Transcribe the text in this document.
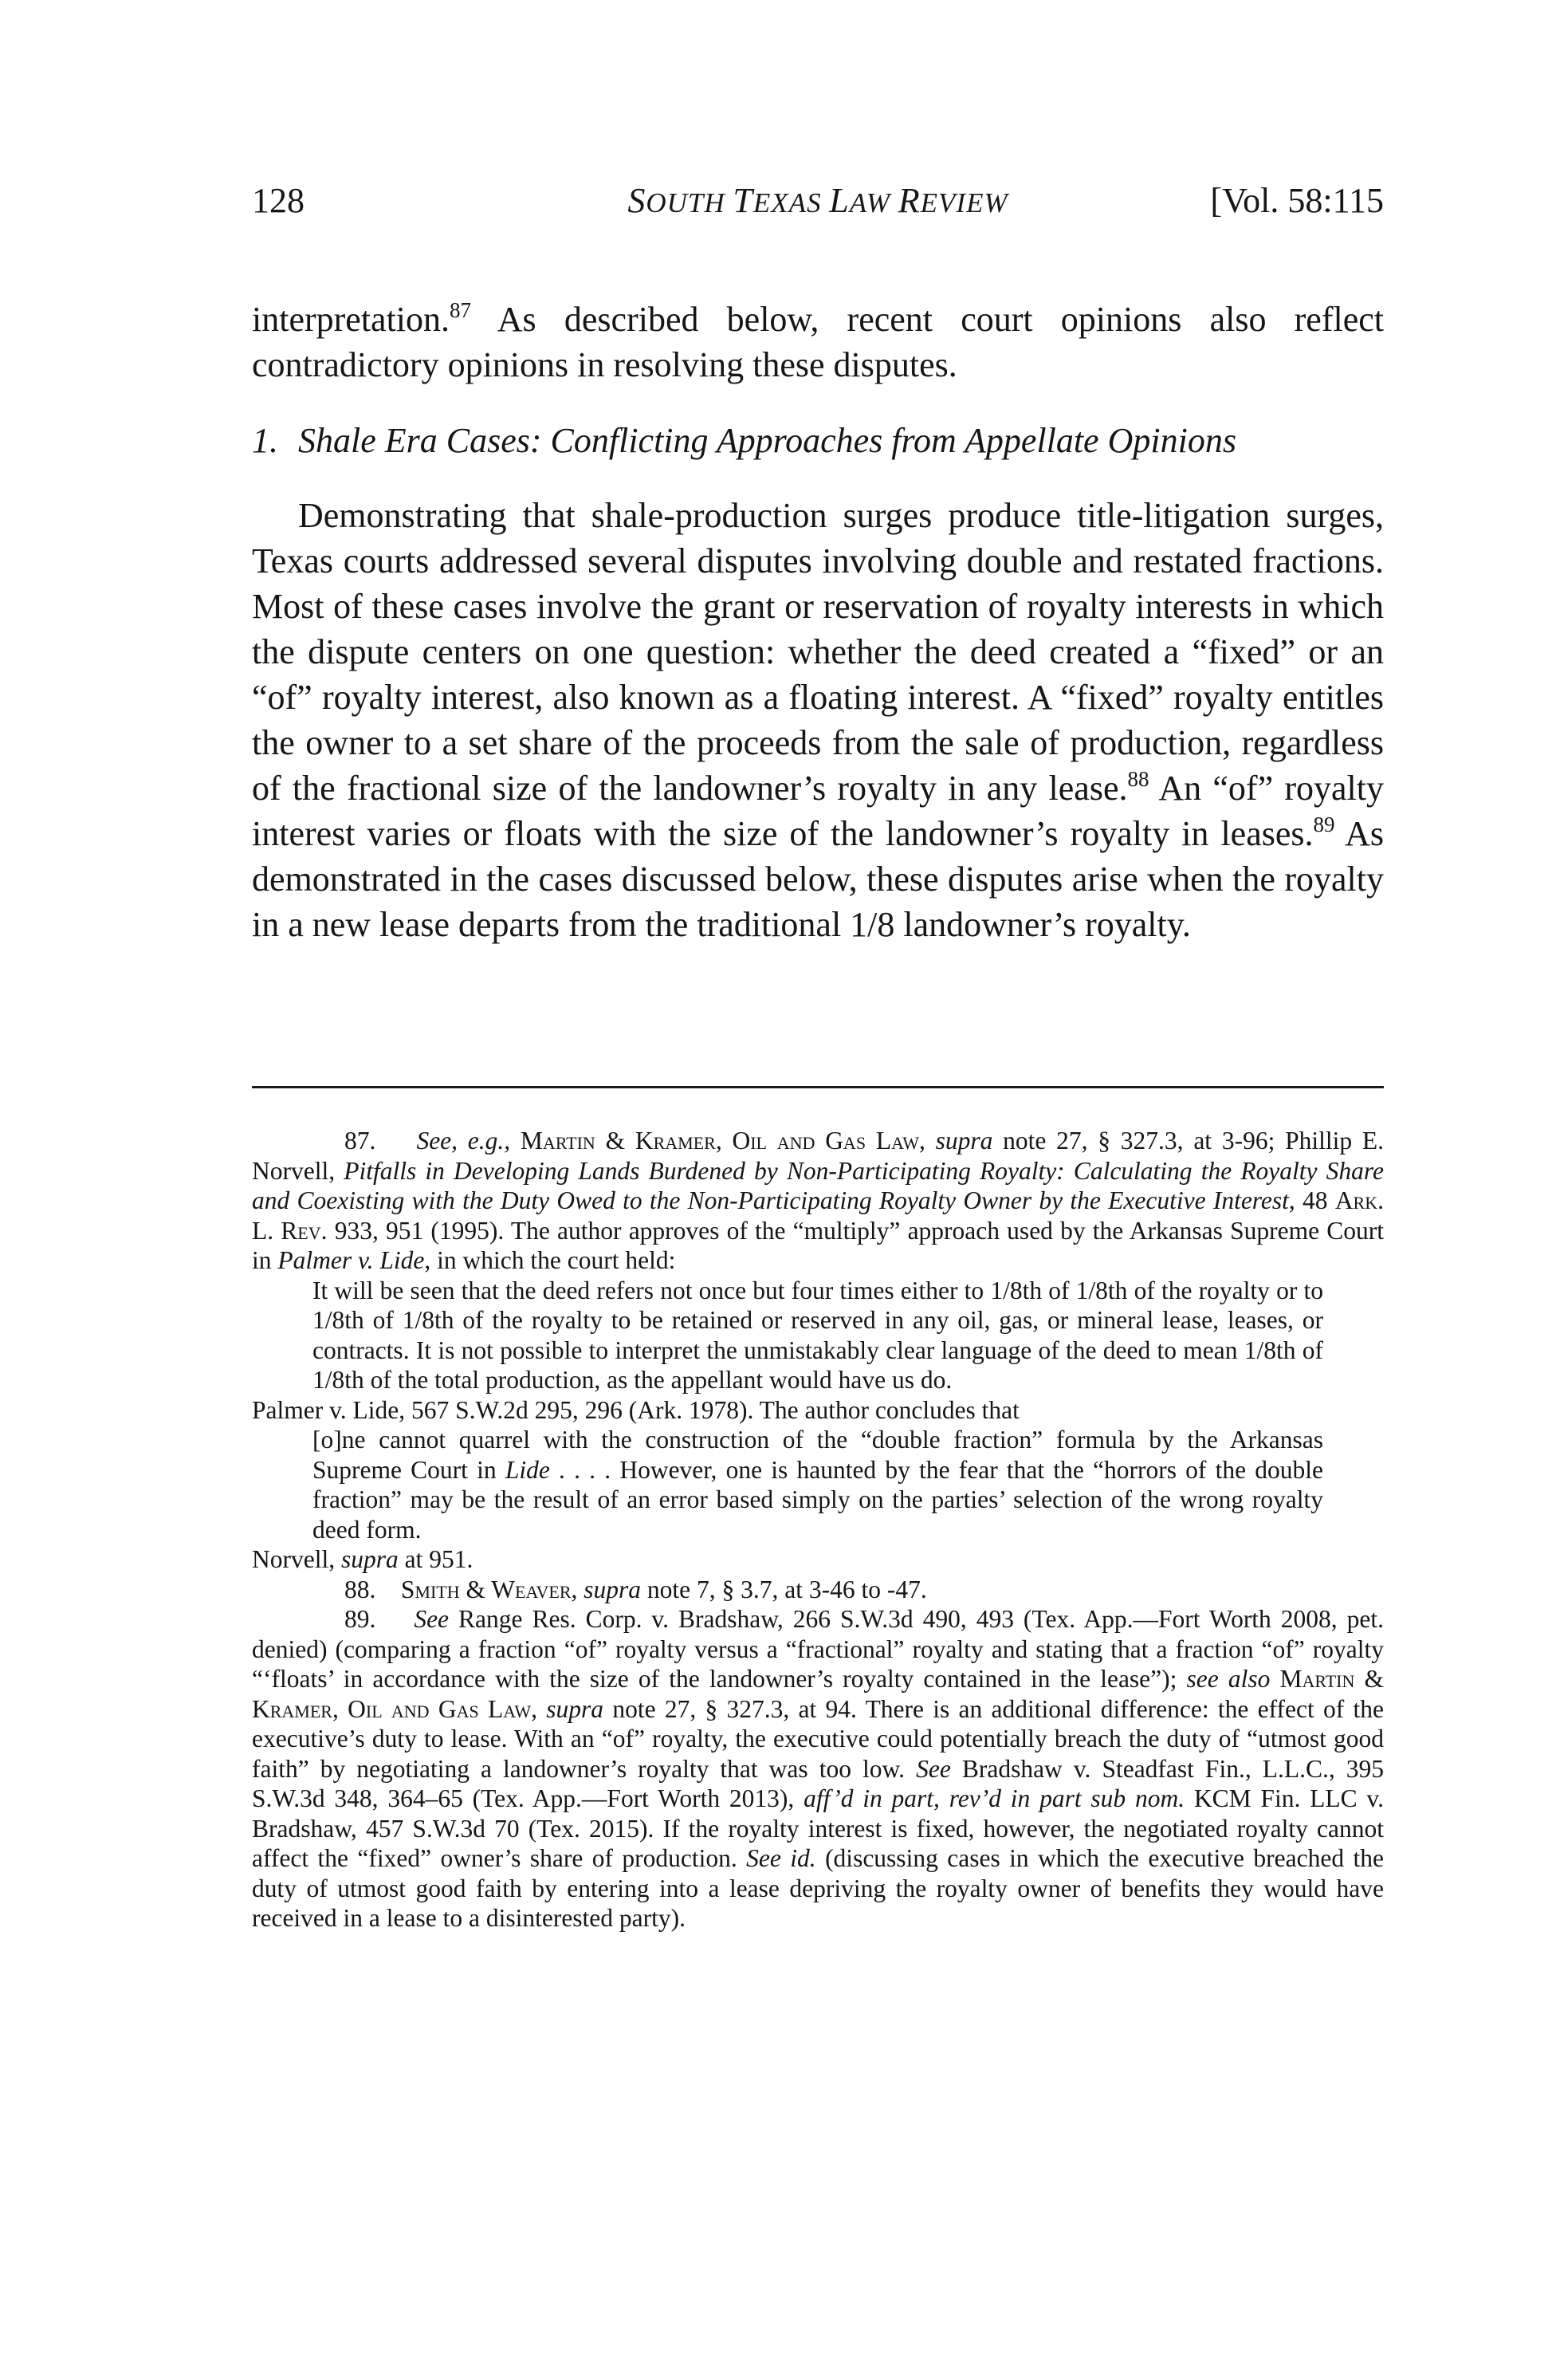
128	SOUTH TEXAS LAW REVIEW	[Vol. 58:115
interpretation.$^{87}$ As described below, recent court opinions also reflect contradictory opinions in resolving these disputes.
1. Shale Era Cases: Conflicting Approaches from Appellate Opinions
Demonstrating that shale-production surges produce title-litigation surges, Texas courts addressed several disputes involving double and restated fractions. Most of these cases involve the grant or reservation of royalty interests in which the dispute centers on one question: whether the deed created a “fixed” or an “of” royalty interest, also known as a floating interest. A “fixed” royalty entitles the owner to a set share of the proceeds from the sale of production, regardless of the fractional size of the landowner’s royalty in any lease.$^{88}$ An “of” royalty interest varies or floats with the size of the landowner’s royalty in leases.$^{89}$ As demonstrated in the cases discussed below, these disputes arise when the royalty in a new lease departs from the traditional 1/8 landowner’s royalty.

87. See, e.g., Martin & Kramer, Oil and Gas Law, supra note 27, § 327.3, at 3-96; Phillip E. Norvell, Pitfalls in Developing Lands Burdened by Non-Participating Royalty: Calculating the Royalty Share and Coexisting with the Duty Owed to the Non-Participating Royalty Owner by the Executive Interest, 48 Ark. L. Rev. 933, 951 (1995). The author approves of the “multiply” approach used by the Arkansas Supreme Court in Palmer v. Lide, in which the court held:

It will be seen that the deed refers not once but four times either to 1/8th of 1/8th of the royalty or to 1/8th of 1/8th of the royalty to be retained or reserved in any oil, gas, or mineral lease, leases, or contracts. It is not possible to interpret the unmistakably clear language of the deed to mean 1/8th of 1/8th of the total production, as the appellant would have us do.

Palmer v. Lide, 567 S.W.2d 295, 296 (Ark. 1978). The author concludes that

[o]ne cannot quarrel with the construction of the “double fraction” formula by the Arkansas Supreme Court in Lide . . . . However, one is haunted by the fear that the “horrors of the double fraction” may be the result of an error based simply on the parties’ selection of the wrong royalty deed form.

Norvell, supra at 951.

88. Smith & Weaver, supra note 7, § 3.7, at 3-46 to -47.

89. See Range Res. Corp. v. Bradshaw, 266 S.W.3d 490, 493 (Tex. App.—Fort Worth 2008, pet. denied) (comparing a fraction “of” royalty versus a “fractional” royalty and stating that a fraction “of” royalty “‘floats’ in accordance with the size of the landowner’s royalty contained in the lease”); see also Martin & Kramer, Oil and Gas Law, supra note 27, § 327.3, at 94. There is an additional difference: the effect of the executive’s duty to lease. With an “of” royalty, the executive could potentially breach the duty of “utmost good faith” by negotiating a landowner’s royalty that was too low. See Bradshaw v. Steadfast Fin., L.L.C., 395 S.W.3d 348, 364–65 (Tex. App.—Fort Worth 2013), aff’d in part, rev’d in part sub nom. KCM Fin. LLC v. Bradshaw, 457 S.W.3d 70 (Tex. 2015). If the royalty interest is fixed, however, the negotiated royalty cannot affect the “fixed” owner’s share of production. See id. (discussing cases in which the executive breached the duty of utmost good faith by entering into a lease depriving the royalty owner of benefits they would have received in a lease to a disinterested party).
